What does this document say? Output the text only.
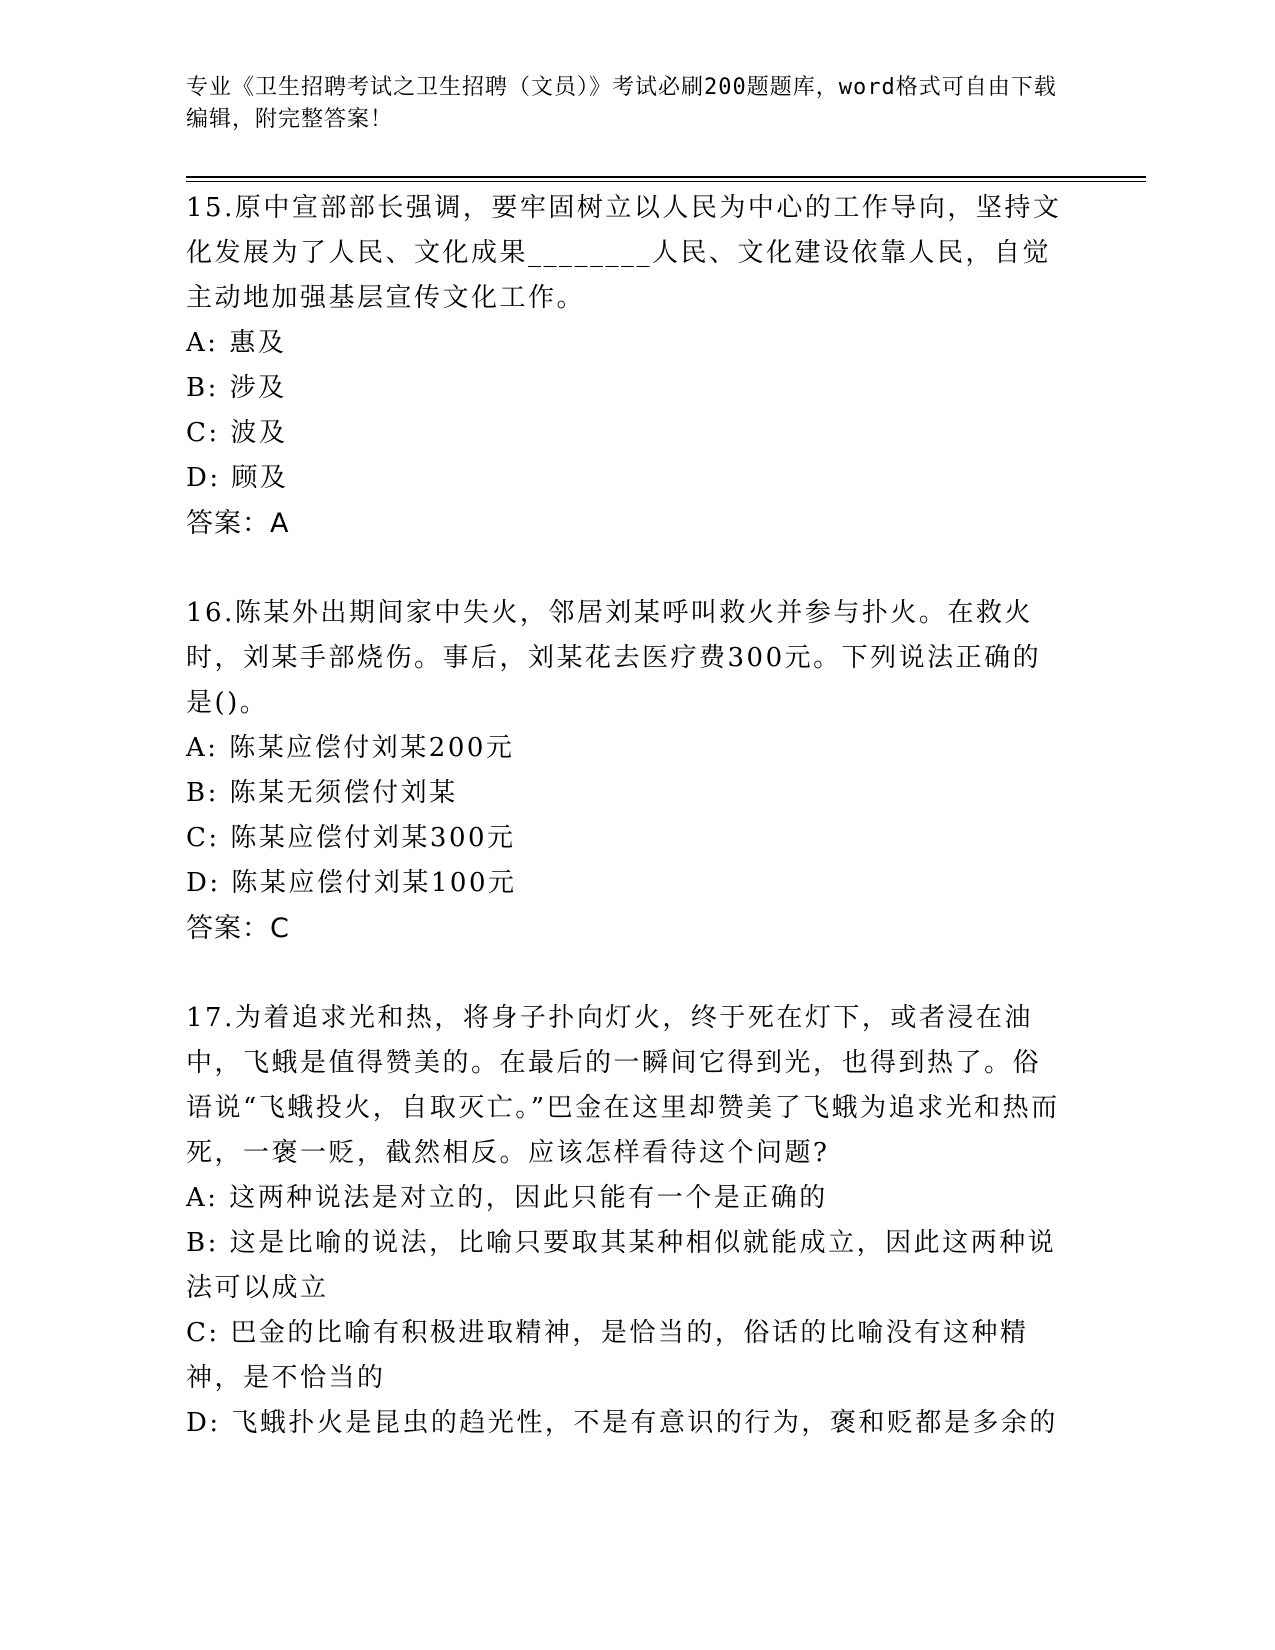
专业《卫生招聘考试之卫生招聘（文员）》考试必刷200题题库，word格式可自由下载编辑，附完整答案！
15.原中宣部部长强调，要牢固树立以人民为中心的工作导向，坚持文化发展为了人民、文化成果________人民、文化建设依靠人民，自觉主动地加强基层宣传文化工作。
A: 惠及
B: 涉及
C: 波及
D: 顾及
答案：A
16.陈某外出期间家中失火，邻居刘某呼叫救火并参与扑火。在救火时，刘某手部烧伤。事后，刘某花去医疗费300元。下列说法正确的是()。
A: 陈某应偿付刘某200元
B: 陈某无须偿付刘某
C: 陈某应偿付刘某300元
D: 陈某应偿付刘某100元
答案：C
17.为着追求光和热，将身子扑向灯火，终于死在灯下，或者浸在油中，飞蛾是值得赞美的。在最后的一瞬间它得到光，也得到热了。俗语说“飞蛾投火，自取灭亡。”巴金在这里却赞美了飞蛾为追求光和热而死，一褒一贬，截然相反。应该怎样看待这个问题?
A: 这两种说法是对立的，因此只能有一个是正确的
B: 这是比喻的说法，比喻只要取其某种相似就能成立，因此这两种说法可以成立
C: 巴金的比喻有积极进取精神，是恰当的，俗话的比喻没有这种精神，是不恰当的
D: 飞蛾扑火是昆虫的趋光性，不是有意识的行为，褒和贬都是多余的
